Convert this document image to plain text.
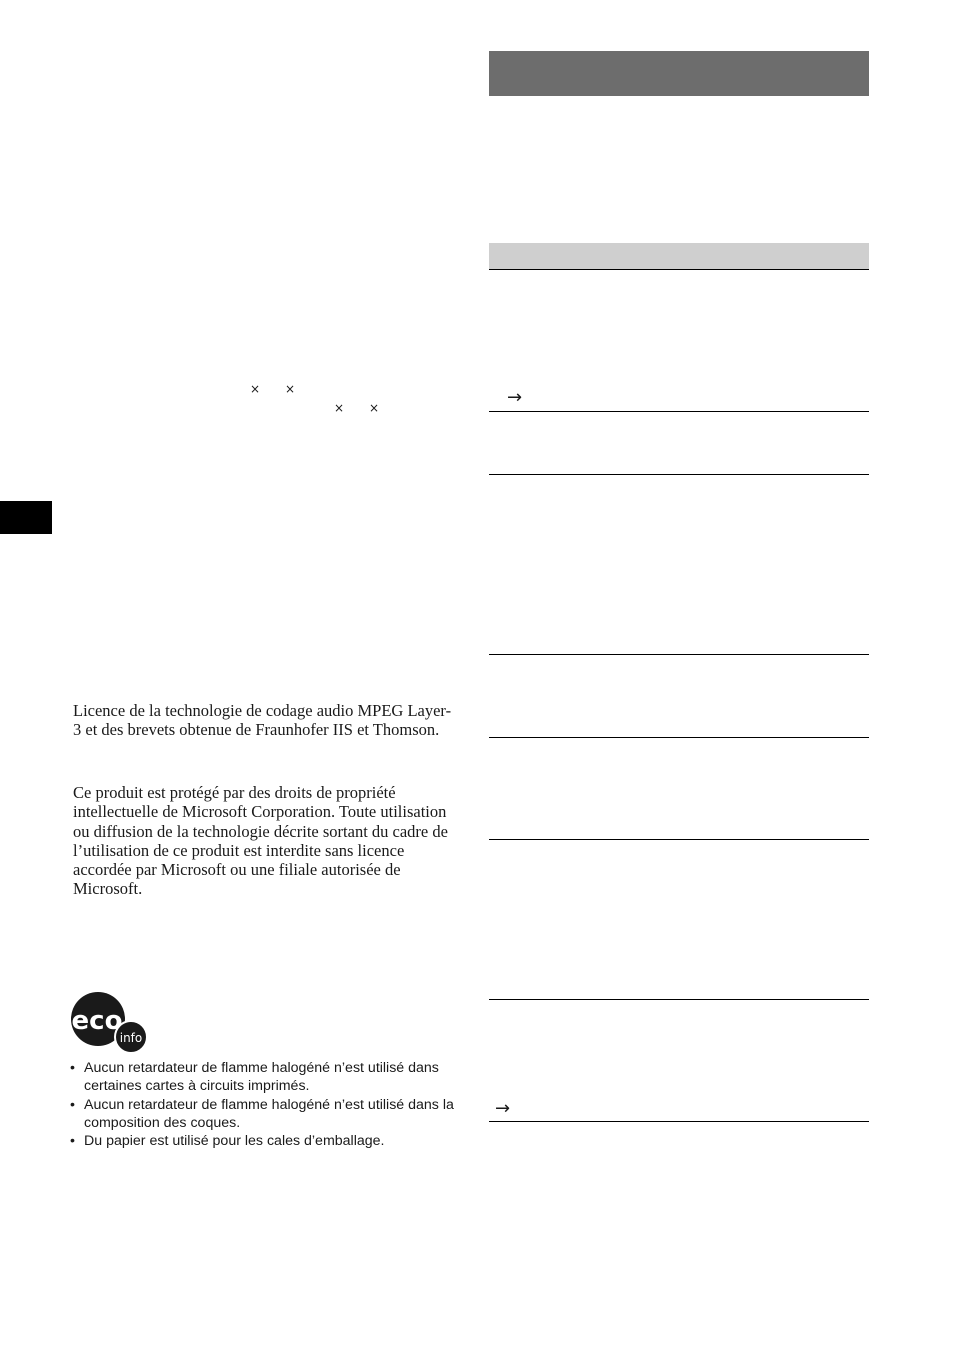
× ×
× ×

Licence de la technologie de codage audio MPEG Layer-3 et des brevets obtenue de Fraunhofer IIS et Thomson.

Ce produit est protégé par des droits de propriété intellectuelle de Microsoft Corporation. Toute utilisation ou diffusion de la technologie décrite sortant du cadre de l’utilisation de ce produit est interdite sans licence accordée par Microsoft ou une filiale autorisée de Microsoft.

eco
info
• Aucun retardateur de flamme halogéné n’est utilisé dans certaines cartes à circuits imprimés.
• Aucun retardateur de flamme halogéné n’est utilisé dans la composition des coques.
• Du papier est utilisé pour les cales d’emballage.
→
→
